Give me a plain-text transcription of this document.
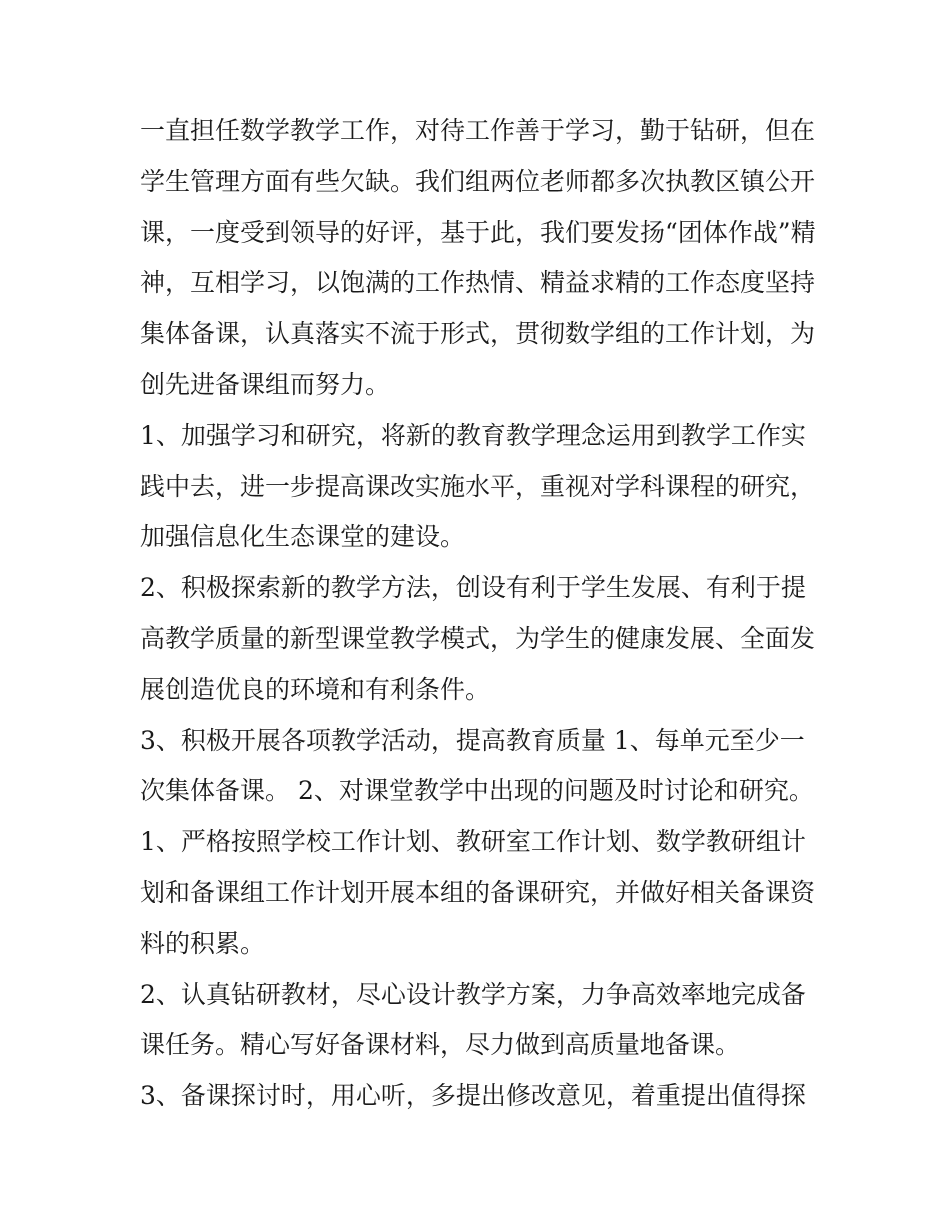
一直担任数学教学工作，对待工作善于学习，勤于钻研，但在
学生管理方面有些欠缺。我们组两位老师都多次执教区镇公开
课，一度受到领导的好评，基于此，我们要发扬“团体作战”精
神，互相学习，以饱满的工作热情、精益求精的工作态度坚持
集体备课，认真落实不流于形式，贯彻数学组的工作计划，为
创先进备课组而努力。

1、加强学习和研究，将新的教育教学理念运用到教学工作实
践中去，进一步提高课改实施水平，重视对学科课程的研究，
加强信息化生态课堂的建设。

2、积极探索新的教学方法，创设有利于学生发展、有利于提
高教学质量的新型课堂教学模式，为学生的健康发展、全面发
展创造优良的环境和有利条件。

3、积极开展各项教学活动，提高教育质量 1、每单元至少一
次集体备课。 2、对课堂教学中出现的问题及时讨论和研究。

1、严格按照学校工作计划、教研室工作计划、数学教研组计
划和备课组工作计划开展本组的备课研究，并做好相关备课资
料的积累。

2、认真钻研教材，尽心设计教学方案，力争高效率地完成备
课任务。精心写好备课材料，尽力做到高质量地备课。

3、备课探讨时，用心听，多提出修改意见，着重提出值得探
